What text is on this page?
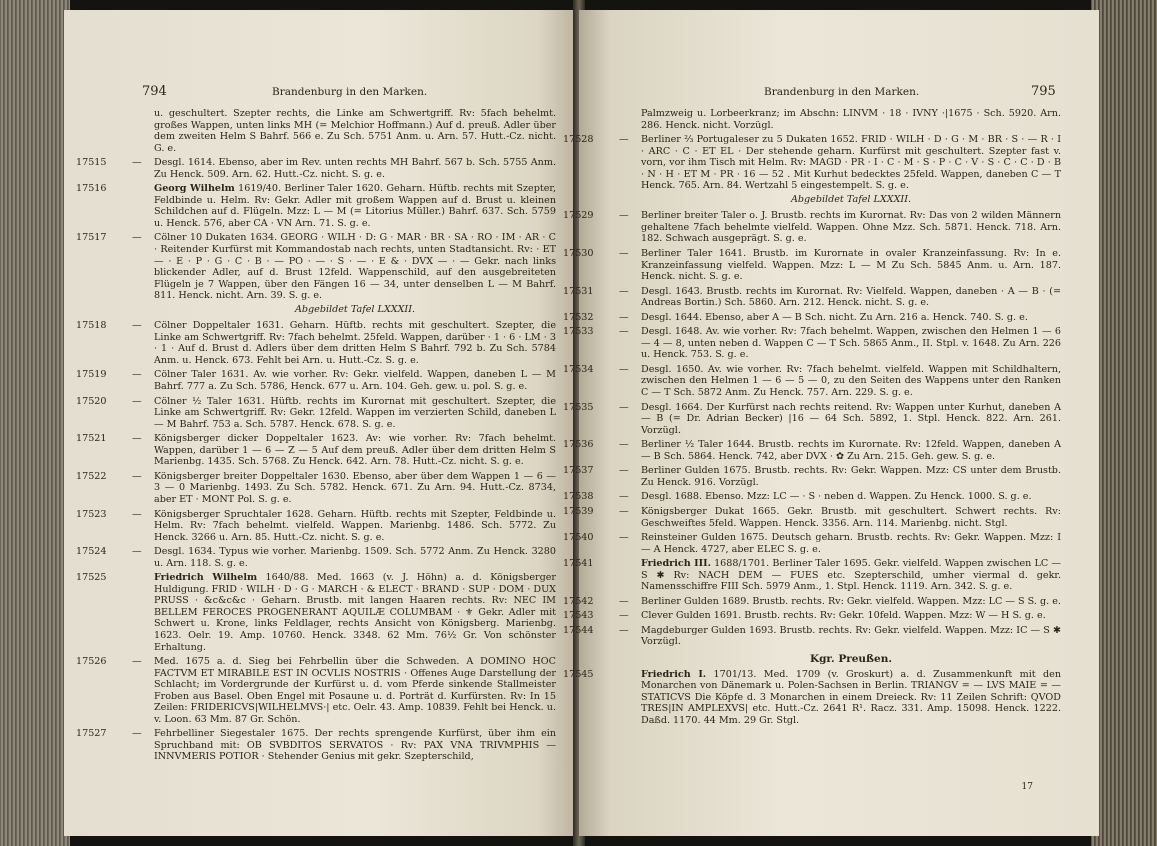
794	Brandenburg in den Marken.
u. geschultert. Szepter rechts, die Linke am Schwertgriff. Rv: 5fach behelmt. großes Wappen, unten links MH (= Melchior Hoffmann.) Auf d. preuß. Adler über dem zweiten Helm S Bahrf. 566 e. Zu Sch. 5751 Anm. u. Arn. 57. Hutt.-Cz. nicht. G. e.
17515	— Desgl. 1614. Ebenso, aber im Rev. unten rechts MH Bahrf. 567 b. Sch. 5755 Anm. Zu Henck. 509. Arn. 62. Hutt.-Cz. nicht. S. g. e.
17516	Georg Wilhelm 1619/40. Berliner Taler 1620. Geharn. Hüftb. rechts mit Szepter, Feldbinde u. Helm. Rv: Gekr. Adler mit großem Wappen auf d. Brust u. kleinen Schildchen auf d. Flügeln. Mzz: L — M (= Litorius Müller.) Bahrf. 637. Sch. 5759 u. Henck. 576, aber CA · VN Arn. 71. S. g. e.
17517	— Cölner 10 Dukaten 1634. GEORG · WILH · D: G · MAR · BR · SA · RO · IM · AR · C · Reitender Kurfürst mit Kommandostab nach rechts, unten Stadtansicht. Rv: · ET — · E · P · G · C · B · — PO · — · S · — · E & · DVX — · — Gekr. nach links blickender Adler, auf d. Brust 12feld. Wappenschild, auf den ausgebreiteten Flügeln je 7 Wappen, über den Fängen 16 — 34, unter denselben L — M Bahrf. 811. Henck. nicht. Arn. 39. S. g. e.
Abgebildet Tafel LXXXII.
17518	— Cölner Doppeltaler 1631. Geharn. Hüftb. rechts mit geschultert. Szepter, die Linke am Schwertgriff. Rv: 7fach behelmt. 25feld. Wappen, darüber · 1 · 6 · LM · 3 · 1 · Auf d. Brust d. Adlers über dem dritten Helm S Bahrf. 792 b. Zu Sch. 5784 Anm. u. Henck. 673. Fehlt bei Arn. u. Hutt.-Cz. S. g. e.
17519	— Cölner Taler 1631. Av. wie vorher. Rv: Gekr. vielfeld. Wappen, daneben L — M Bahrf. 777 a. Zu Sch. 5786, Henck. 677 u. Arn. 104. Geh. gew. u. pol. S. g. e.
17520	— Cölner ½ Taler 1631. Hüftb. rechts im Kurornat mit geschultert. Szepter, die Linke am Schwertgriff. Rv: Gekr. 12feld. Wappen im verzierten Schild, daneben L — M Bahrf. 753 a. Sch. 5787. Henck. 678. S. g. e.
17521	— Königsberger dicker Doppeltaler 1623. Av: wie vorher. Rv: 7fach behelmt. Wappen, darüber 1 — 6 — Z — 5 Auf dem preuß. Adler über dem dritten Helm S Marienbg. 1435. Sch. 5768. Zu Henck. 642. Arn. 78. Hutt.-Cz. nicht. S. g. e.
17522	— Königsberger breiter Doppeltaler 1630. Ebenso, aber über dem Wappen 1 — 6 — 3 — 0 Marienbg. 1493. Zu Sch. 5782. Henck. 671. Zu Arn. 94. Hutt.-Cz. 8734, aber ET · MONT Pol. S. g. e.
17523	— Königsberger Spruchtaler 1628. Geharn. Hüftb. rechts mit Szepter, Feldbinde u. Helm. Rv: 7fach behelmt. vielfeld. Wappen. Marienbg. 1486. Sch. 5772. Zu Henck. 3266 u. Arn. 85. Hutt.-Cz. nicht. S. g. e.
17524	— Desgl. 1634. Typus wie vorher. Marienbg. 1509. Sch. 5772 Anm. Zu Henck. 3280 u. Arn. 118. S. g. e.
17525	Friedrich Wilhelm 1640/88. Med. 1663 (v. J. Höhn) a. d. Königsberger Huldigung. FRID · WILH · D · G · MARCH · & ELECT · BRAND · SUP · DOM · DUX PRUSS · &c&c&c · Geharn. Brustb. mit langen Haaren rechts. Rv: NEC IM BELLEM FEROCES PROGENERANT AQUILÆ COLUMBAM · ⚜ Gekr. Adler mit Schwert u. Krone, links Feldlager, rechts Ansicht von Königsberg. Marienbg. 1623. Oelr. 19. Amp. 10760. Henck. 3348. 62 Mm. 76½ Gr. Von schönster Erhaltung.
17526	— Med. 1675 a. d. Sieg bei Fehrbellin über die Schweden. A DOMINO HOC FACTVM ET MIRABILE EST IN OCVLIS NOSTRIS · Offenes Auge Darstellung der Schlacht; im Vordergrunde der Kurfürst u. d. vom Pferde sinkende Stallmeister Froben aus Basel. Oben Engel mit Posaune u. d. Porträt d. Kurfürsten. Rv: In 15 Zeilen: FRIDERICVS|WILHELMVS·| etc. Oelr. 43. Amp. 10839. Fehlt bei Henck. u. v. Loon. 63 Mm. 87 Gr. Schön.
17527	— Fehrbelliner Siegestaler 1675. Der rechts sprengende Kurfürst, über ihm ein Spruchband mit: OB SVBDITOS SERVATOS · Rv: PAX VNA TRIVMPHIS — INNVMERIS POTIOR · Stehender Genius mit gekr. Szepterschild,
Brandenburg in den Marken.	795
Palmzweig u. Lorbeerkranz; im Abschn: LINVM · 18 · IVNY ·|1675 · Sch. 5920. Arn. 286. Henck. nicht. Vorzügl.
17528	— Berliner ⅔ Portugaleser zu 5 Dukaten 1652. FRID · WILH · D · G · M · BR · S · — R · I · ARC · C · ET EL · Der stehende geharn. Kurfürst mit geschultert. Szepter fast v. vorn, vor ihm Tisch mit Helm. Rv: MAGD · PR · I · C · M · S · P · C · V · S · C · C · D · B · N · H · ET M · PR · 16 — 52 . Mit Kurhut bedecktes 25feld. Wappen, daneben C — T Henck. 765. Arn. 84. Wertzahl 5 eingestempelt. S. g. e.
Abgebildet Tafel LXXXII.
17529	— Berliner breiter Taler o. J. Brustb. rechts im Kurornat. Rv: Das von 2 wilden Männern gehaltene 7fach behelmte vielfeld. Wappen. Ohne Mzz. Sch. 5871. Henck. 718. Arn. 182. Schwach ausgeprägt. S. g. e.
17530	— Berliner Taler 1641. Brustb. im Kurornate in ovaler Kranzeinfassung. Rv: In e. Kranzeinfassung vielfeld. Wappen. Mzz: L — M Zu Sch. 5845 Anm. u. Arn. 187. Henck. nicht. S. g. e.
17531	— Desgl. 1643. Brustb. rechts im Kurornat. Rv: Vielfeld. Wappen, daneben · A — B · (= Andreas Bortin.) Sch. 5860. Arn. 212. Henck. nicht. S. g. e.
17532	— Desgl. 1644. Ebenso, aber A — B Sch. nicht. Zu Arn. 216 a. Henck. 740. S. g. e.
17533	— Desgl. 1648. Av. wie vorher. Rv: 7fach behelmt. Wappen, zwischen den Helmen 1 — 6 — 4 — 8, unten neben d. Wappen C — T Sch. 5865 Anm., II. Stpl. v. 1648. Zu Arn. 226 u. Henck. 753. S. g. e.
17534	— Desgl. 1650. Av. wie vorher. Rv: 7fach behelmt. vielfeld. Wappen mit Schildhaltern, zwischen den Helmen 1 — 6 — 5 — 0, zu den Seiten des Wappens unter den Ranken C — T Sch. 5872 Anm. Zu Henck. 757. Arn. 229. S. g. e.
17535	— Desgl. 1664. Der Kurfürst nach rechts reitend. Rv: Wappen unter Kurhut, daneben A — B (= Dr. Adrian Becker) |16 — 64 Sch. 5892, 1. Stpl. Henck. 822. Arn. 261. Vorzügl.
17536	— Berliner ½ Taler 1644. Brustb. rechts im Kurornate. Rv: 12feld. Wappen, daneben A — B Sch. 5864. Henck. 742, aber DVX · ✿ Zu Arn. 215. Geh. gew. S. g. e.
17537	— Berliner Gulden 1675. Brustb. rechts. Rv: Gekr. Wappen. Mzz: CS unter dem Brustb. Zu Henck. 916. Vorzügl.
17538	— Desgl. 1688. Ebenso. Mzz: LC — · S · neben d. Wappen. Zu Henck. 1000. S. g. e.
17539	— Königsberger Dukat 1665. Gekr. Brustb. mit geschultert. Schwert rechts. Rv: Geschweiftes 5feld. Wappen. Henck. 3356. Arn. 114. Marienbg. nicht. Stgl.
17540	— Reinsteiner Gulden 1675. Deutsch geharn. Brustb. rechts. Rv: Gekr. Wappen. Mzz: I — A Henck. 4727, aber ELEC S. g. e.
17541	Friedrich III. 1688/1701. Berliner Taler 1695. Gekr. vielfeld. Wappen zwischen LC — S ✱ Rv: NACH DEM — FUES etc. Szepterschild, umher viermal d. gekr. Namensschiffre FIII Sch. 5979 Anm., 1. Stpl. Henck. 1119. Arn. 342. S. g. e.
17542	— Berliner Gulden 1689. Brustb. rechts. Rv: Gekr. vielfeld. Wappen. Mzz: LC — S S. g. e.
17543	— Clever Gulden 1691. Brustb. rechts. Rv: Gekr. 10feld. Wappen. Mzz: W — H S. g. e.
17544	— Magdeburger Gulden 1693. Brustb. rechts. Rv: Gekr. vielfeld. Wappen. Mzz: IC — S ✱ Vorzügl.
Kgr. Preußen.
17545	Friedrich I. 1701/13. Med. 1709 (v. Groskurt) a. d. Zusammenkunft mit den Monarchen von Dänemark u. Polen-Sachsen in Berlin. TRIANGV = — LVS MAIE = — STATICVS Die Köpfe d. 3 Monarchen in einem Dreieck. Rv: 11 Zeilen Schrift: QVOD TRES|IN AMPLEXVS| etc. Hutt.-Cz. 2641 R¹. Racz. 331. Amp. 15098. Henck. 1222. Daßd. 1170. 44 Mm. 29 Gr. Stgl.
17
